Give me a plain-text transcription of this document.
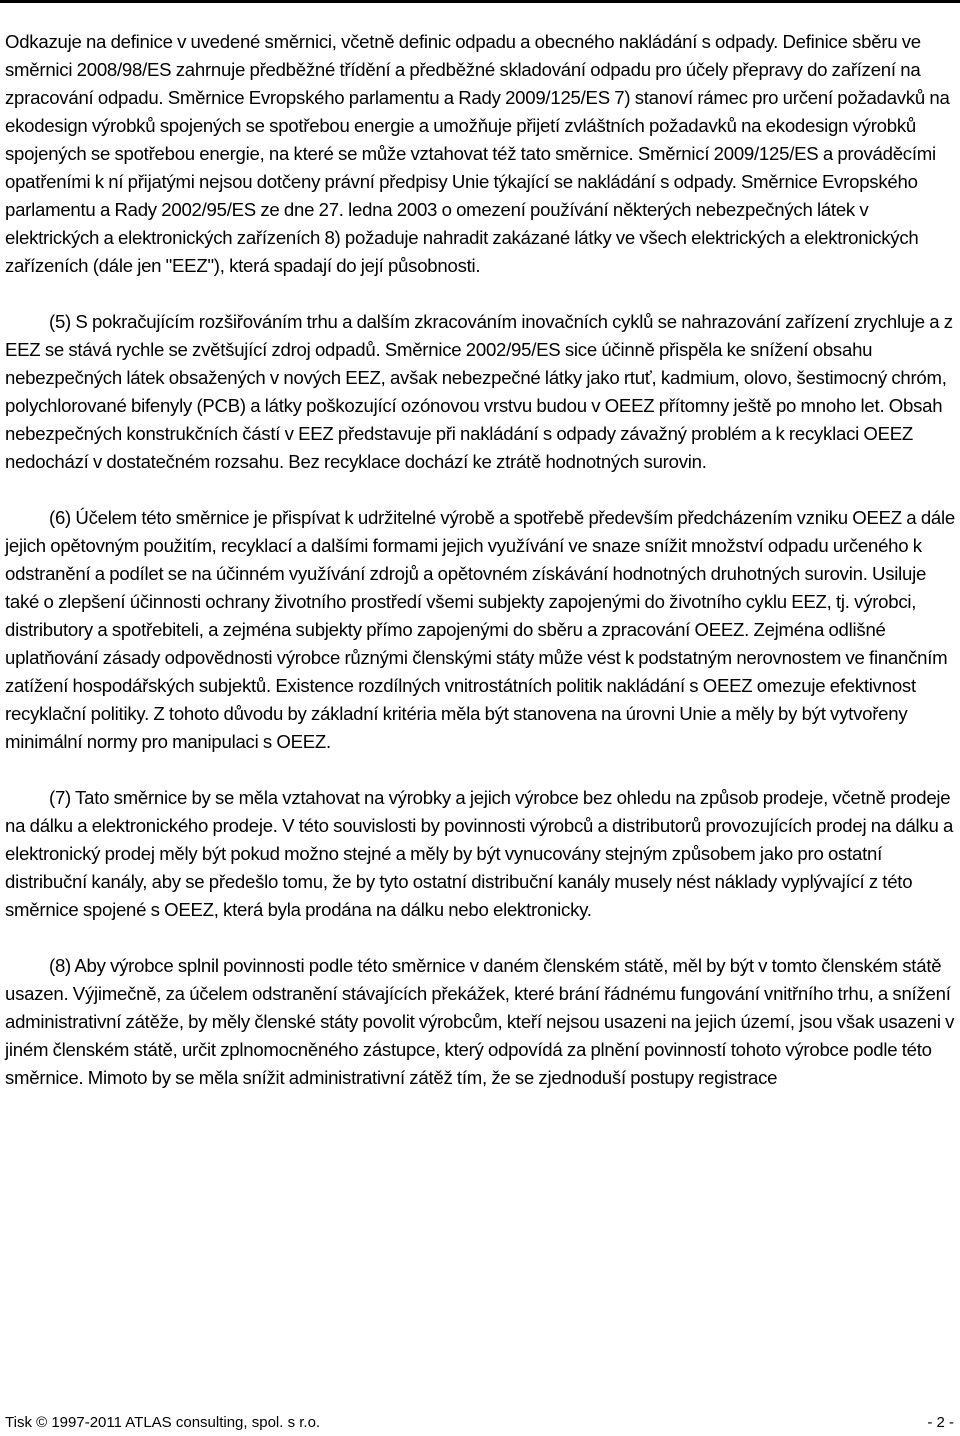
Odkazuje na definice v uvedené směrnici, včetně definic odpadu a obecného nakládání s odpady. Definice sběru ve směrnici 2008/98/ES zahrnuje předběžné třídění a předběžné skladování odpadu pro účely přepravy do zařízení na zpracování odpadu. Směrnice Evropského parlamentu a Rady 2009/125/ES 7) stanoví rámec pro určení požadavků na ekodesign výrobků spojených se spotřebou energie a umožňuje přijetí zvláštních požadavků na ekodesign výrobků spojených se spotřebou energie, na které se může vztahovat též tato směrnice. Směrnicí 2009/125/ES a prováděcími opatřeními k ní přijatými nejsou dotčeny právní předpisy Unie týkající se nakládání s odpady. Směrnice Evropského parlamentu a Rady 2002/95/ES ze dne 27. ledna 2003 o omezení používání některých nebezpečných látek v elektrických a elektronických zařízeních 8) požaduje nahradit zakázané látky ve všech elektrických a elektronických zařízeních (dále jen "EEZ"), která spadají do její působnosti.

(5) S pokračujícím rozšiřováním trhu a dalším zkracováním inovačních cyklů se nahrazování zařízení zrychluje a z EEZ se stává rychle se zvětšující zdroj odpadů. Směrnice 2002/95/ES sice účinně přispěla ke snížení obsahu nebezpečných látek obsažených v nových EEZ, avšak nebezpečné látky jako rtuť, kadmium, olovo, šestimocný chróm, polychlorované bifenyly (PCB) a látky poškozující ozónovou vrstvu budou v OEEZ přítomny ještě po mnoho let. Obsah nebezpečných konstrukčních částí v EEZ představuje při nakládání s odpady závažný problém a k recyklaci OEEZ nedochází v dostatečném rozsahu. Bez recyklace dochází ke ztrátě hodnotných surovin.

(6) Účelem této směrnice je přispívat k udržitelné výrobě a spotřebě především předcházením vzniku OEEZ a dále jejich opětovným použitím, recyklací a dalšími formami jejich využívání ve snaze snížit množství odpadu určeného k odstranění a podílet se na účinném využívání zdrojů a opětovném získávání hodnotných druhotných surovin. Usiluje také o zlepšení účinnosti ochrany životního prostředí všemi subjekty zapojenými do životního cyklu EEZ, tj. výrobci, distributory a spotřebiteli, a zejména subjekty přímo zapojenými do sběru a zpracování OEEZ. Zejména odlišné uplatňování zásady odpovědnosti výrobce různými členskými státy může vést k podstatným nerovnostem ve finančním zatížení hospodářských subjektů. Existence rozdílných vnitrostátních politik nakládání s OEEZ omezuje efektivnost recyklační politiky. Z tohoto důvodu by základní kritéria měla být stanovena na úrovni Unie a měly by být vytvořeny minimální normy pro manipulaci s OEEZ.

(7) Tato směrnice by se měla vztahovat na výrobky a jejich výrobce bez ohledu na způsob prodeje, včetně prodeje na dálku a elektronického prodeje. V této souvislosti by povinnosti výrobců a distributorů provozujících prodej na dálku a elektronický prodej měly být pokud možno stejné a měly by být vynucovány stejným způsobem jako pro ostatní distribuční kanály, aby se předešlo tomu, že by tyto ostatní distribuční kanály musely nést náklady vyplývající z této směrnice spojené s OEEZ, která byla prodána na dálku nebo elektronicky.

(8) Aby výrobce splnil povinnosti podle této směrnice v daném členském státě, měl by být v tomto členském státě usazen. Výjimečně, za účelem odstranění stávajících překážek, které brání řádnému fungování vnitřního trhu, a snížení administrativní zátěže, by měly členské státy povolit výrobcům, kteří nejsou usazeni na jejich území, jsou však usazeni v jiném členském státě, určit zplnomocněného zástupce, který odpovídá za plnění povinností tohoto výrobce podle této směrnice. Mimoto by se měla snížit administrativní zátěž tím, že se zjednoduší postupy registrace

Tisk © 1997-2011 ATLAS consulting, spol. s r.o.	- 2 -
